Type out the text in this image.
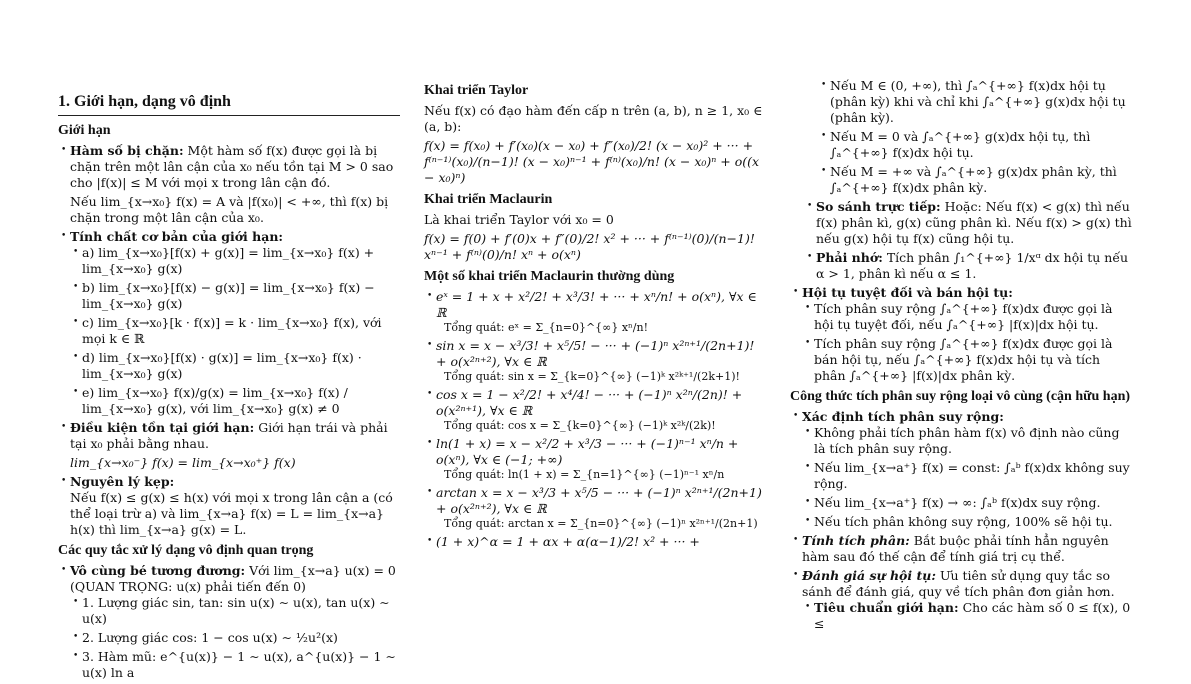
1. Giới hạn, dạng vô định
Giới hạn
• Hàm số bị chặn: Một hàm số f(x) được gọi là bị chặn trên một lân cận của x₀ nếu tồn tại M > 0 sao cho |f(x)| ≤ M với mọi x trong lân cận đó.
Nếu lim_{x→x₀} f(x) = A và |f(x₀)| < +∞, thì f(x) bị chặn trong một lân cận của x₀.
• Tính chất cơ bản của giới hạn:
• a) lim_{x→x₀}[f(x) + g(x)] = lim_{x→x₀} f(x) + lim_{x→x₀} g(x)
• b) lim_{x→x₀}[f(x) − g(x)] = lim_{x→x₀} f(x) − lim_{x→x₀} g(x)
• c) lim_{x→x₀}[k · f(x)] = k · lim_{x→x₀} f(x), với mọi k ∈ ℝ
• d) lim_{x→x₀}[f(x) · g(x)] = lim_{x→x₀} f(x) · lim_{x→x₀} g(x)
• e) lim_{x→x₀} f(x)/g(x) = lim_{x→x₀} f(x) / lim_{x→x₀} g(x), với lim_{x→x₀} g(x) ≠ 0
• Điều kiện tồn tại giới hạn: Giới hạn trái và phải tại x₀ phải bằng nhau.
lim_{x→x₀⁻} f(x) = lim_{x→x₀⁺} f(x)
• Nguyên lý kẹp:
Nếu f(x) ≤ g(x) ≤ h(x) với mọi x trong lân cận a (có thể loại trừ a) và lim_{x→a} f(x) = L = lim_{x→a} h(x) thì lim_{x→a} g(x) = L.
Các quy tắc xử lý dạng vô định quan trọng
• Vô cùng bé tương đương: Với lim_{x→a} u(x) = 0 (QUAN TRỌNG: u(x) phải tiến đến 0)
• 1. Lượng giác sin, tan: sin u(x) ∼ u(x), tan u(x) ∼ u(x)
• 2. Lượng giác cos: 1 − cos u(x) ∼ ½u²(x)
• 3. Hàm mũ: e^{u(x)} − 1 ∼ u(x), a^{u(x)} − 1 ∼ u(x) ln a
Khai triển Taylor

Nếu f(x) có đạo hàm đến cấp n trên (a, b), n ≥ 1, x₀ ∈ (a, b):

f(x) = f(x₀) + f′(x₀)(x − x₀) + f″(x₀)/2! (x − x₀)² + ··· + f⁽ⁿ⁻¹⁾(x₀)/(n−1)! (x − x₀)ⁿ⁻¹ + f⁽ⁿ⁾(x₀)/n! (x − x₀)ⁿ + o((x − x₀)ⁿ)

Khai triển Maclaurin

Là khai triển Taylor với x₀ = 0

f(x) = f(0) + f′(0)x + f″(0)/2! x² + ··· + f⁽ⁿ⁻¹⁾(0)/(n−1)! xⁿ⁻¹ + f⁽ⁿ⁾(0)/n! xⁿ + o(xⁿ)

Một số khai triển Maclaurin thường dùng
• eˣ = 1 + x + x²/2! + x³/3! + ··· + xⁿ/n! + o(xⁿ), ∀x ∈ ℝ
Tổng quát: eˣ = Σ_{n=0}^{∞} xⁿ/n!
• sin x = x − x³/3! + x⁵/5! − ··· + (−1)ⁿ x²ⁿ⁺¹/(2n+1)! + o(x²ⁿ⁺²), ∀x ∈ ℝ
Tổng quát: sin x = Σ_{k=0}^{∞} (−1)ᵏ x²ᵏ⁺¹/(2k+1)!
• cos x = 1 − x²/2! + x⁴/4! − ··· + (−1)ⁿ x²ⁿ/(2n)! + o(x²ⁿ⁺¹), ∀x ∈ ℝ
Tổng quát: cos x = Σ_{k=0}^{∞} (−1)ᵏ x²ᵏ/(2k)!
• ln(1 + x) = x − x²/2 + x³/3 − ··· + (−1)ⁿ⁻¹ xⁿ/n + o(xⁿ), ∀x ∈ (−1; +∞)
Tổng quát: ln(1 + x) = Σ_{n=1}^{∞} (−1)ⁿ⁻¹ xⁿ/n
• arctan x = x − x³/3 + x⁵/5 − ··· + (−1)ⁿ x²ⁿ⁺¹/(2n+1) + o(x²ⁿ⁺²), ∀x ∈ ℝ
Tổng quát: arctan x = Σ_{n=0}^{∞} (−1)ⁿ x²ⁿ⁺¹/(2n+1)
• (1 + x)^α = 1 + αx + α(α−1)/2! x² + ··· +
• Nếu M ∈ (0, +∞), thì ∫ₐ^{+∞} f(x)dx hội tụ (phân kỳ) khi và chỉ khi ∫ₐ^{+∞} g(x)dx hội tụ (phân kỳ).
• Nếu M = 0 và ∫ₐ^{+∞} g(x)dx hội tụ, thì ∫ₐ^{+∞} f(x)dx hội tụ.
• Nếu M = +∞ và ∫ₐ^{+∞} g(x)dx phân kỳ, thì ∫ₐ^{+∞} f(x)dx phân kỳ.
• So sánh trực tiếp: Hoặc: Nếu f(x) < g(x) thì nếu f(x) phân kì, g(x) cũng phân kì. Nếu f(x) > g(x) thì nếu g(x) hội tụ f(x) cũng hội tụ.
• Phải nhớ: Tích phân ∫₁^{+∞} 1/xᵅ dx hội tụ nếu α > 1, phân kì nếu α ≤ 1.
• Hội tụ tuyệt đối và bán hội tụ:
• Tích phân suy rộng ∫ₐ^{+∞} f(x)dx được gọi là hội tụ tuyệt đối, nếu ∫ₐ^{+∞} |f(x)|dx hội tụ.
• Tích phân suy rộng ∫ₐ^{+∞} f(x)dx được gọi là bán hội tụ, nếu ∫ₐ^{+∞} f(x)dx hội tụ và tích phân ∫ₐ^{+∞} |f(x)|dx phân kỳ.
Công thức tích phân suy rộng loại vô cùng (cận hữu hạn)
• Xác định tích phân suy rộng:
• Không phải tích phân hàm f(x) vô định nào cũng là tích phân suy rộng.
• Nếu lim_{x→a⁺} f(x) = const: ∫ₐᵇ f(x)dx không suy rộng.
• Nếu lim_{x→a⁺} f(x) → ∞: ∫ₐᵇ f(x)dx suy rộng.
• Nếu tích phân không suy rộng, 100% sẽ hội tụ.
• Tính tích phân: Bắt buộc phải tính hẳn nguyên hàm sau đó thế cận để tính giá trị cụ thể.
• Đánh giá sự hội tụ: Ưu tiên sử dụng quy tắc so sánh để đánh giá, quy về tích phân đơn giản hơn.
• Tiêu chuẩn giới hạn: Cho các hàm số 0 ≤ f(x), 0 ≤
